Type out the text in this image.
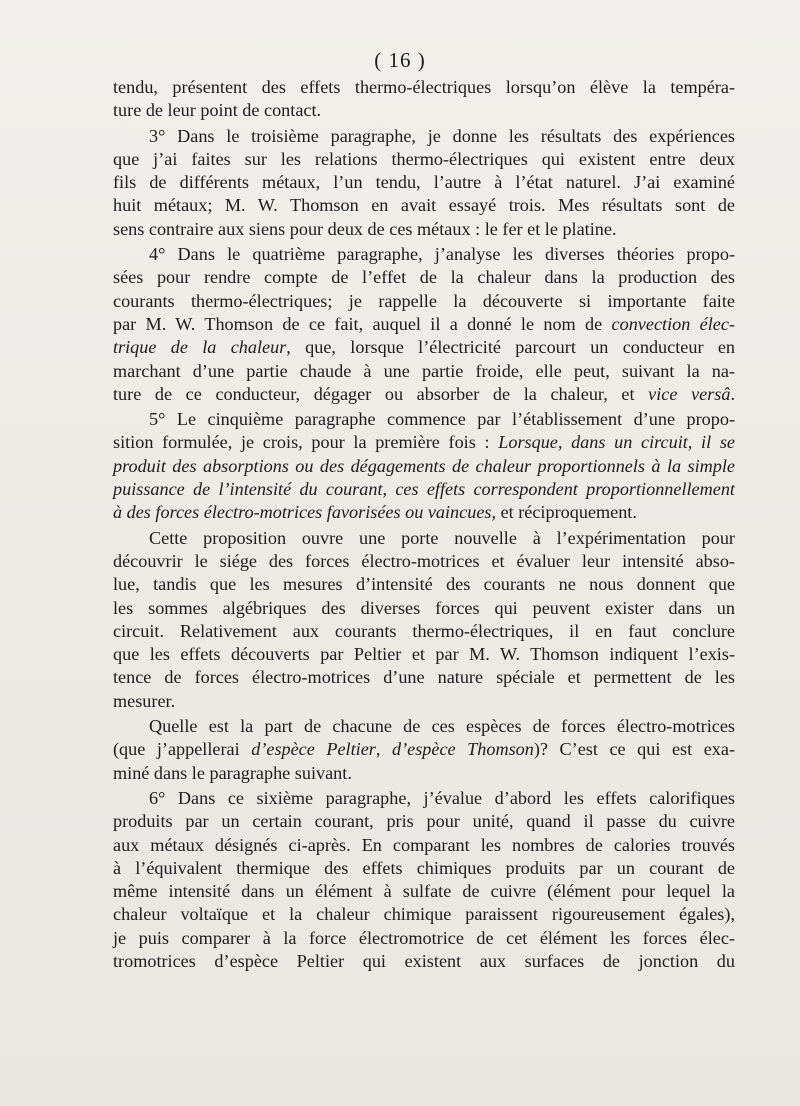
( 16 )
tendu, présentent des effets thermo-électriques lorsqu’on élève la tempéra-
ture de leur point de contact.
3° Dans le troisième paragraphe, je donne les résultats des expériences
que j’ai faites sur les relations thermo-électriques qui existent entre deux
fils de différents métaux, l’un tendu, l’autre à l’état naturel. J’ai examiné
huit métaux; M. W. Thomson en avait essayé trois. Mes résultats sont de
sens contraire aux siens pour deux de ces métaux : le fer et le platine.
4° Dans le quatrième paragraphe, j’analyse les diverses théories propo-
sées pour rendre compte de l’effet de la chaleur dans la production des
courants thermo-électriques; je rappelle la découverte si importante faite
par M. W. Thomson de ce fait, auquel il a donné le nom de convection élec-
trique de la chaleur, que, lorsque l’électricité parcourt un conducteur en
marchant d’une partie chaude à une partie froide, elle peut, suivant la na-
ture de ce conducteur, dégager ou absorber de la chaleur, et vice versâ.
5° Le cinquième paragraphe commence par l’établissement d’une propo-
sition formulée, je crois, pour la première fois : Lorsque, dans un circuit, il se
produit des absorptions ou des dégagements de chaleur proportionnels à la simple
puissance de l’intensité du courant, ces effets correspondent proportionnellement
à des forces électro-motrices favorisées ou vaincues, et réciproquement.
Cette proposition ouvre une porte nouvelle à l’expérimentation pour
découvrir le siége des forces électro-motrices et évaluer leur intensité abso-
lue, tandis que les mesures d’intensité des courants ne nous donnent que
les sommes algébriques des diverses forces qui peuvent exister dans un
circuit. Relativement aux courants thermo-électriques, il en faut conclure
que les effets découverts par Peltier et par M. W. Thomson indiquent l’exis-
tence de forces électro-motrices d’une nature spéciale et permettent de les
mesurer.
Quelle est la part de chacune de ces espèces de forces électro-motrices
(que j’appellerai d’espèce Peltier, d’espèce Thomson)? C’est ce qui est exa-
miné dans le paragraphe suivant.
6° Dans ce sixième paragraphe, j’évalue d’abord les effets calorifiques
produits par un certain courant, pris pour unité, quand il passe du cuivre
aux métaux désignés ci-après. En comparant les nombres de calories trouvés
à l’équivalent thermique des effets chimiques produits par un courant de
même intensité dans un élément à sulfate de cuivre (élément pour lequel la
chaleur voltaïque et la chaleur chimique paraissent rigoureusement égales),
je puis comparer à la force électromotrice de cet élément les forces élec-
tromotrices d’espèce Peltier qui existent aux surfaces de jonction du
